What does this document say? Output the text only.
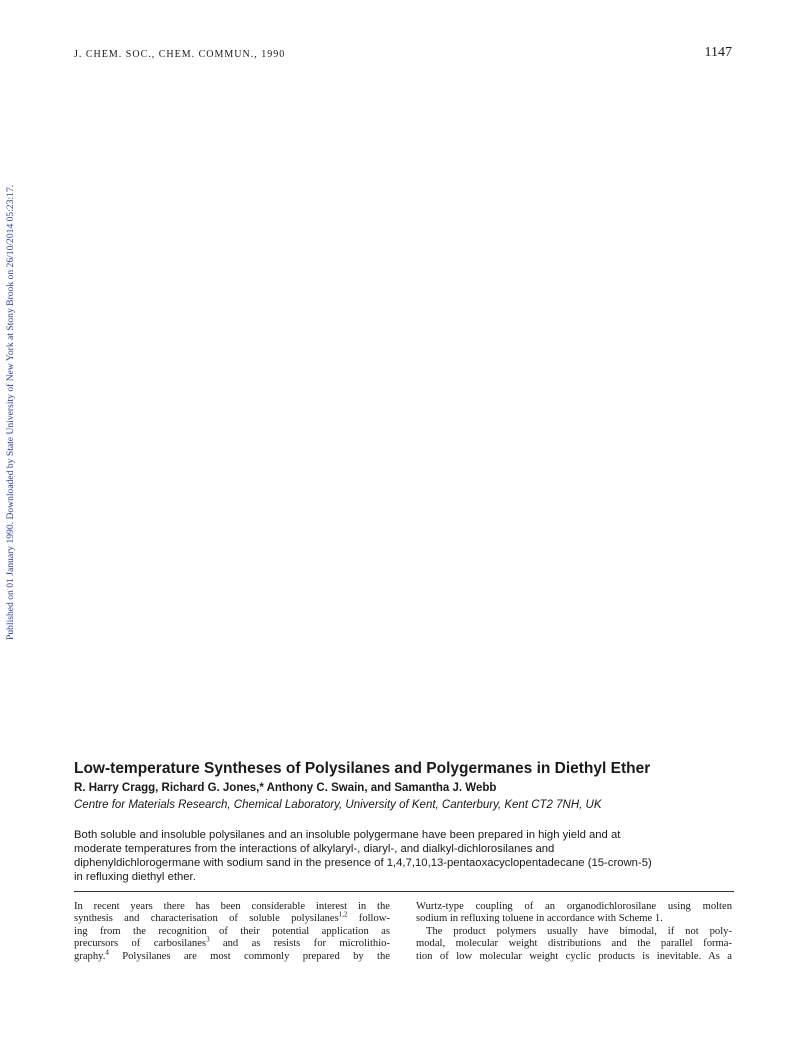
J. CHEM. SOC., CHEM. COMMUN., 1990	1147
Published on 01 January 1990. Downloaded by State University of New York at Stony Brook on 26/10/2014 05:23:17.
Low-temperature Syntheses of Polysilanes and Polygermanes in Diethyl Ether
R. Harry Cragg, Richard G. Jones,* Anthony C. Swain, and Samantha J. Webb
Centre for Materials Research, Chemical Laboratory, University of Kent, Canterbury, Kent CT2 7NH, UK
Both soluble and insoluble polysilanes and an insoluble polygermane have been prepared in high yield and at
moderate temperatures from the interactions of alkylaryl-, diaryl-, and dialkyl-dichlorosilanes and
diphenyldichlorogermane with sodium sand in the presence of 1,4,7,10,13-pentaoxacyclopentadecane (15-crown-5)
in refluxing diethyl ether.

In recent years there has been considerable interest in the

synthesis and characterisation of soluble polysilanes$^{1,2}$ follow-

ing from the recognition of their potential application as

precursors of carbosilanes$^3$ and as resists for microlithio-

graphy.$^4$ Polysilanes are most commonly prepared by the

Wurtz-type coupling of an organodichlorosilane using molten

sodium in refluxing toluene in accordance with Scheme 1.

The product polymers usually have bimodal, if not poly-

modal, molecular weight distributions and the parallel forma-

tion of low molecular weight cyclic products is inevitable. As a
